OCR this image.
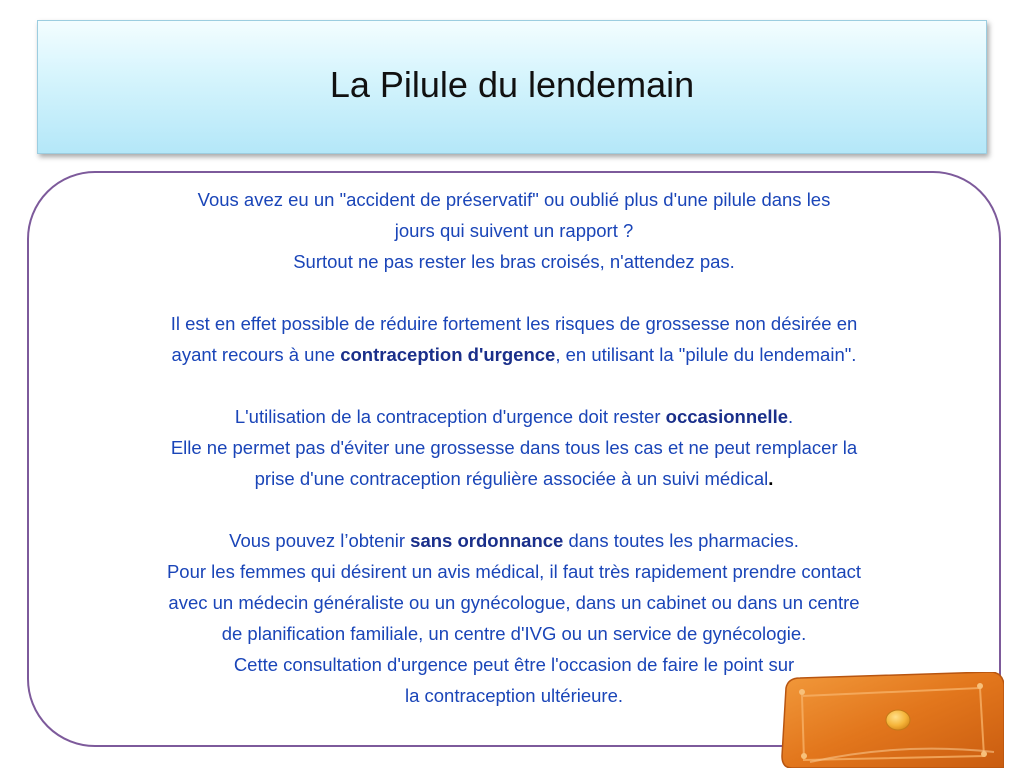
La Pilule du lendemain

Vous avez eu un "accident de préservatif" ou oublié plus d'une pilule dans les

jours qui suivent un rapport ?

Surtout ne pas rester les bras croisés, n'attendez pas.

Il est en effet possible de réduire fortement les risques de grossesse non désirée en

ayant recours à une contraception d'urgence, en utilisant la "pilule du lendemain".

L'utilisation de la contraception d'urgence doit rester occasionnelle.

Elle ne permet pas d'éviter une grossesse dans tous les cas et ne peut remplacer la

prise d'une contraception régulière associée à un suivi médical.

Vous pouvez l’obtenir sans ordonnance dans toutes les pharmacies.

Pour les femmes qui désirent un avis médical, il faut très rapidement prendre contact

avec un médecin généraliste ou un gynécologue, dans un cabinet ou dans un centre

de planification familiale, un centre d'IVG ou un service de gynécologie.

Cette consultation d'urgence peut être l'occasion de faire le point sur

la contraception ultérieure.
